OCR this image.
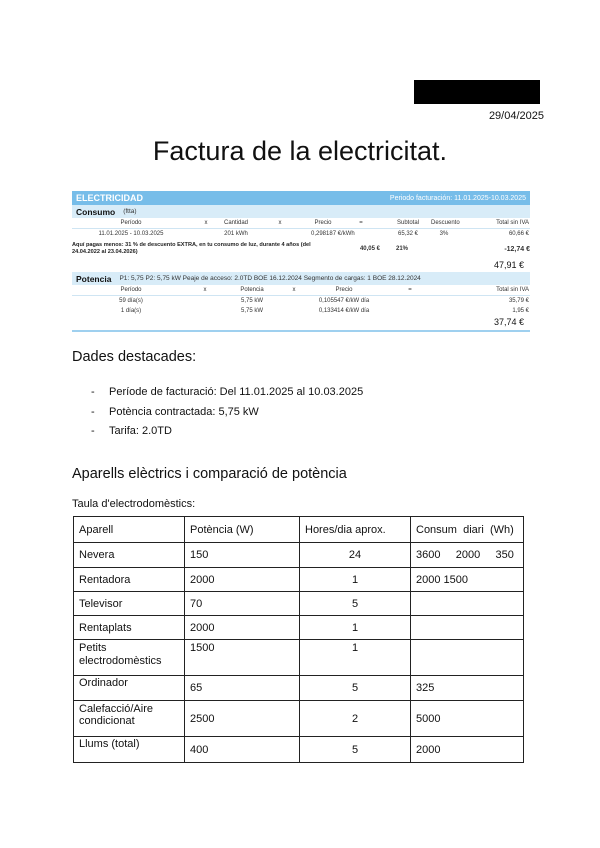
29/04/2025
Factura de la electricitat.
ELECTRICIDAD	Periodo facturación: 11.01.2025-10.03.2025
Consumo (ftta)
Período	x	Cantidad	x	Precio	=	Subtotal	Descuento	Total sin IVA
11.01.2025 - 10.03.2025	201 kWh	0,298187 €/kWh	65,32 €	3%	60,66 €
Aquí pagas menos: 31 % de descuento EXTRA, en tu consumo de luz, durante 4 años (del 24.04.2022 al 23.04.2026)	40,05 €	21%	-12,74 €
47,91 €
Potencia P1: 5,75 P2: 5,75 kW Peaje de acceso: 2.0TD BOE 16.12.2024 Segmento de cargas: 1 BOE 28.12.2024
Período	x	Potencia	x	Precio	=	Total sin IVA
59 día(s)	5,75 kW	0,105547 €/kW día	35,79 €
1 día(s)	5,75 kW	0,133414 €/kW día	1,95 €
37,74 €
Dades destacades:
- Període de facturació: Del 11.01.2025 al 10.03.2025
- Potència contractada: 5,75 kW
- Tarifa: 2.0TD
Aparells elèctrics i comparació de potència
Taula d'electrodomèstics:
Aparell	Potència (W)	Hores/dia aprox.	Consum  diari  (Wh)
Nevera	150	24	3600     2000     350
Rentadora	2000	1	2000 1500
Televisor	70	5	
Rentaplats	2000	1	
Petits electrodomèstics	1500	1	
Ordinador	65	5	325
Calefacció/Aire condicionat	2500	2	5000
Llums (total)	400	5	2000
